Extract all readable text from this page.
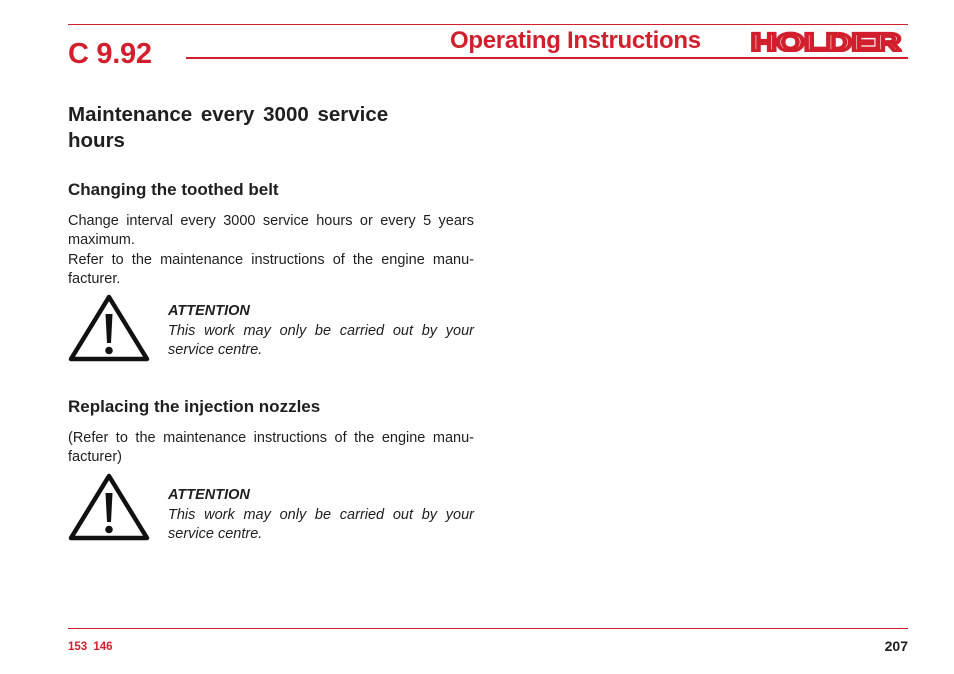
C 9.92	Operating Instructions HOLDER
Maintenance every 3000 service hours
Changing the toothed belt

Change interval every 3000 service hours or every 5 years maximum.

Refer to the maintenance instructions of the engine manu-facturer.

ATTENTION

This work may only be carried out by your service centre.

Replacing the injection nozzles

(Refer to the maintenance instructions of the engine manu-facturer)

ATTENTION

This work may only be carried out by your service centre.

153 146	207
